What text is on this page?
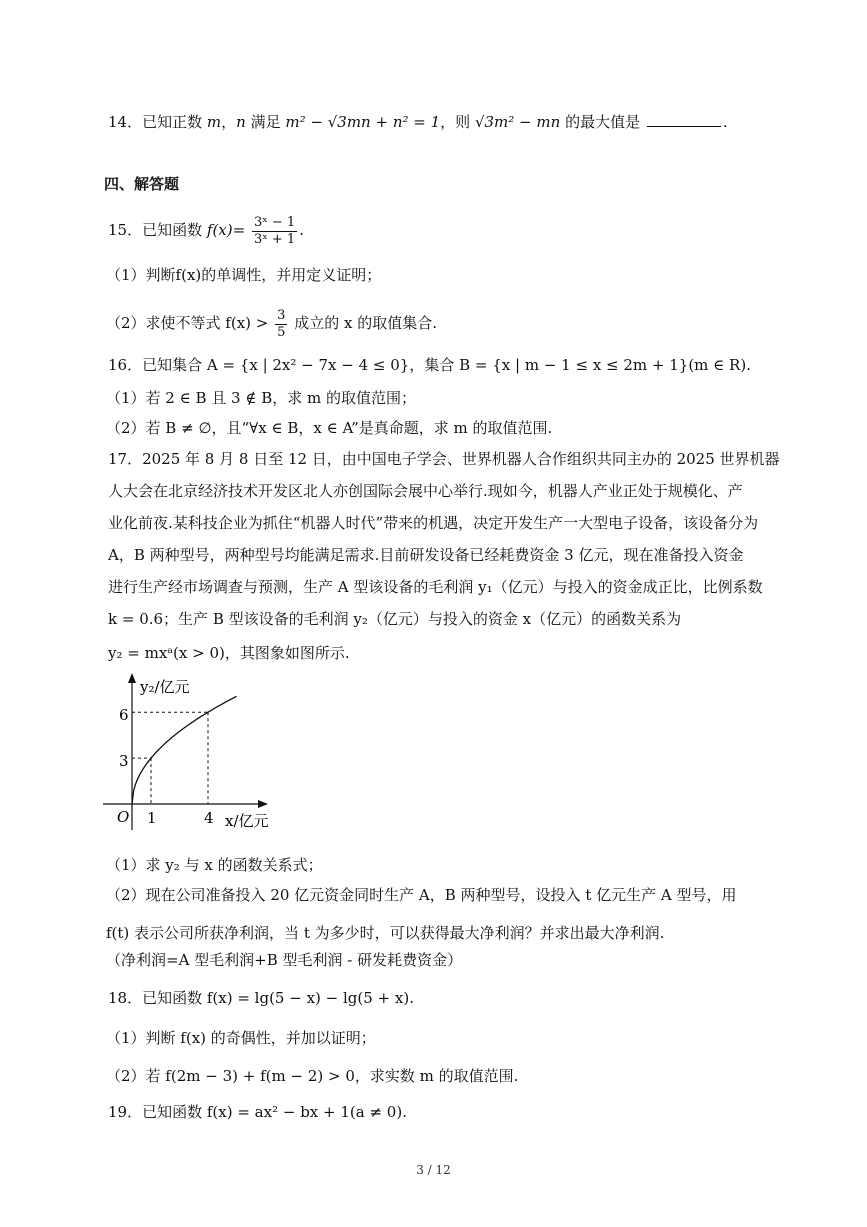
14．已知正数 m，n 满足 m² − √3mn + n² = 1，则 √3m² − mn 的最大值是	.
四、解答题
15．已知函数 $f(x)= \frac{\text{3ˣ − 1}}{\text{3ˣ + 1}}$ .
（1）判断f(x)的单调性，并用定义证明；
（2）求使不等式 $f(x) > \frac{3}{5}$ 成立的 x 的取值集合.
16．已知集合 A = {x | 2x² − 7x − 4 ≤ 0}，集合 B = {x | m − 1 ≤ x ≤ 2m + 1}(m ∈ R).
（1）若 2 ∈ B 且 3 ∉ B，求 m 的取值范围；
（2）若 B ≠ ∅，且“∀x ∈ B，x ∈ A”是真命题，求 m 的取值范围.
17．2025 年 8 月 8 日至 12 日，由中国电子学会、世界机器人合作组织共同主办的 2025 世界机器
人大会在北京经济技术开发区北人亦创国际会展中心举行.现如今，机器人产业正处于规模化、产
业化前夜.某科技企业为抓住“机器人时代”带来的机遇，决定开发生产一大型电子设备，该设备分为
A，B 两种型号，两种型号均能满足需求.目前研发设备已经耗费资金 3 亿元，现在准备投入资金
进行生产经市场调查与预测，生产 A 型该设备的毛利润 y₁（亿元）与投入的资金成正比，比例系数
k = 0.6；生产 B 型该设备的毛利润 y₂（亿元）与投入的资金 x（亿元）的函数关系为
y₂ = mxᵃ(x > 0)，其图象如图所示.
y₂/亿元
x/亿元
O 1	4
3
6
（1）求 y₂ 与 x 的函数关系式；
（2）现在公司准备投入 20 亿元资金同时生产 A，B 两种型号，设投入 t 亿元生产 A 型号，用
f(t) 表示公司所获净利润，当 t 为多少时，可以获得最大净利润？并求出最大净利润.
（净利润=A 型毛利润+B 型毛利润 - 研发耗费资金）
18．已知函数 f(x) = lg(5 − x) − lg(5 + x).
（1）判断 f(x) 的奇偶性，并加以证明；
（2）若 f(2m − 3) + f(m − 2) > 0，求实数 m 的取值范围.
19．已知函数 f(x) = ax² − bx + 1(a ≠ 0).
3 / 12
